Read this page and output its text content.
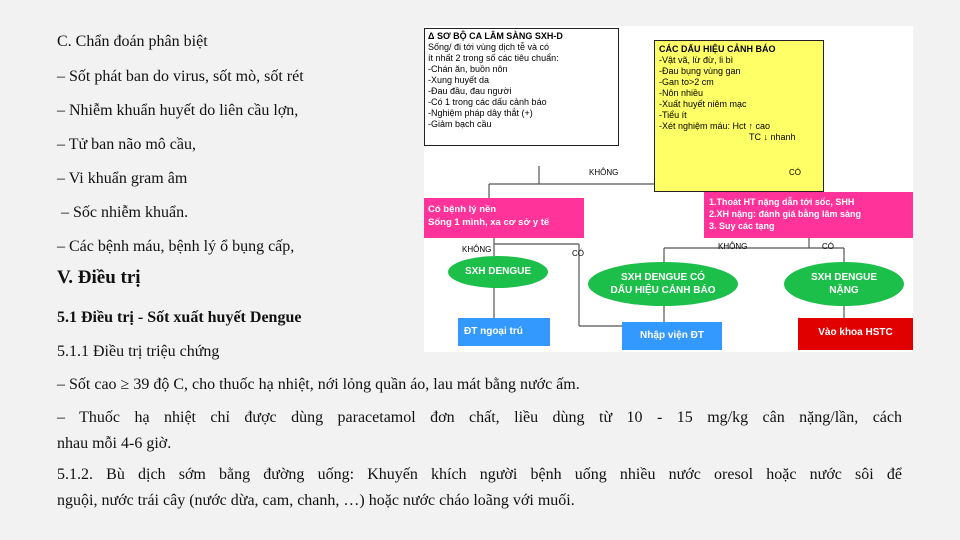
C. Chẩn đoán phân biệt
– Sốt phát ban do virus, sốt mò, sốt rét
– Nhiễm khuẩn huyết do liên cầu lợn,
– Tử ban não mô cầu,
– Vi khuẩn gram âm
– Sốc nhiễm khuẩn.
– Các bệnh máu, bệnh lý ổ bụng cấp,
V. Điều trị
5.1 Điều trị - Sốt xuất huyết Dengue
5.1.1 Điều trị triệu chứng
– Sốt cao ≥ 39 độ C, cho thuốc hạ nhiệt, nới lỏng quần áo, lau mát bằng nước ấm.
– Thuốc hạ nhiệt chỉ được dùng paracetamol đơn chất, liều dùng từ 10 - 15 mg/kg cân nặng/lần, cách
nhau mỗi 4-6 giờ.
5.1.2. Bù dịch sớm bằng đường uống: Khuyến khích người bệnh uống nhiều nước oresol hoặc nước sôi để
nguội, nước trái cây (nước dừa, cam, chanh, …) hoặc nước cháo loãng với muối.
Δ SƠ BỘ CA LÂM SÀNG SXH-D
Sống/ đi tới vùng dịch tễ và có
ít nhất 2 trong số các tiêu chuẩn:
-Chán ăn, buồn nôn
-Xung huyết da
-Đau đầu, đau người
-Có 1 trong các dấu cảnh báo
-Nghiệm pháp dây thắt (+)
-Giảm bạch cầu
CÁC DẤU HIỆU CẢNH BÁO
-Vật vã, lừ đừ, li bì
-Đau bụng vùng gan
-Gan to>2 cm
-Nôn nhiều
-Xuất huyết niêm mạc
-Tiểu ít
-Xét nghiệm máu: Hct ↑ cao
TC ↓ nhanh
KHÔNG	CÓ
Có bệnh lý nền
Sống 1 mình, xa cơ sở y tế
1.Thoát HT nặng dẫn tới sốc, SHH
2.XH nặng: đánh giá bằng lâm sàng
3. Suy các tạng
KHÔNG	CÓ
KHÔNG	CÓ
SXH DENGUE
SXH DENGUE CÓ
DẤU HIỆU CẢNH BÁO
SXH DENGUE
NẶNG
ĐT ngoại trú	Nhập viện ĐT	Vào khoa HSTC
